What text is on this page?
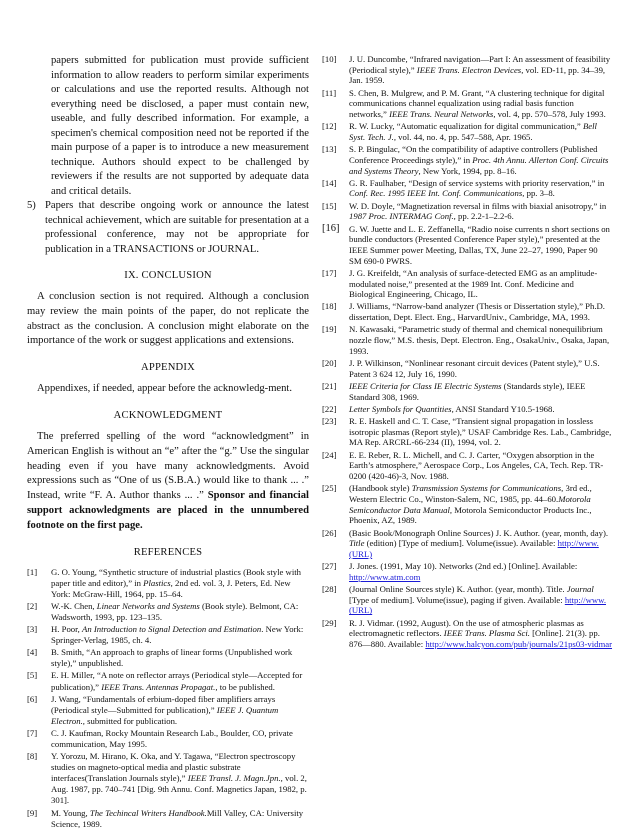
papers submitted for publication must provide sufficient information to allow readers to perform similar experiments or calculations and use the reported results. Although not everything need be disclosed, a paper must contain new, useable, and fully described information. For example, a specimen's chemical composition need not be reported if the main purpose of a paper is to introduce a new measurement technique. Authors should expect to be challenged by reviewers if the results are not supported by adequate data and critical details.
5) Papers that describe ongoing work or announce the latest technical achievement, which are suitable for presentation at a professional conference, may not be appropriate for publication in a TRANSACTIONS or JOURNAL.
IX. CONCLUSION

A conclusion section is not required. Although a conclusion may review the main points of the paper, do not replicate the abstract as the conclusion. A conclusion might elaborate on the importance of the work or suggest applications and extensions.

APPENDIX

Appendixes, if needed, appear before the acknowledg-ment.

ACKNOWLEDGMENT

The preferred spelling of the word “acknowledgment” in American English is without an “e” after the “g.” Use the singular heading even if you have many acknowledgments. Avoid expressions such as “One of us (S.B.A.) would like to thank ... .” Instead, write “F. A. Author thanks ... .” Sponsor and financial support acknowledgments are placed in the unnumbered footnote on the first page.

REFERENCES
[1]	G. O. Young, “Synthetic structure of industrial plastics (Book style with paper title and editor),” in Plastics, 2nd ed. vol. 3, J. Peters, Ed. New York: McGraw-Hill, 1964, pp. 15–64.
[2]	W.-K. Chen, Linear Networks and Systems (Book style). Belmont, CA: Wadsworth, 1993, pp. 123–135.
[3]	H. Poor, An Introduction to Signal Detection and Estimation. New York: Springer-Verlag, 1985, ch. 4.
[4]	B. Smith, “An approach to graphs of linear forms (Unpublished work style),” unpublished.
[5]	E. H. Miller, “A note on reflector arrays (Periodical style—Accepted for publication),” IEEE Trans. Antennas Propagat., to be published.
[6]	J. Wang, “Fundamentals of erbium-doped fiber amplifiers arrays (Periodical style—Submitted for publication),” IEEE J. Quantum Electron., submitted for publication.
[7]	C. J. Kaufman, Rocky Mountain Research Lab., Boulder, CO, private communication, May 1995.
[8]	Y. Yorozu, M. Hirano, K. Oka, and Y. Tagawa, “Electron spectroscopy studies on magneto-optical media and plastic substrate interfaces(Translation Journals style),” IEEE Transl. J. Magn.Jpn., vol. 2, Aug. 1987, pp. 740–741 [Dig. 9th Annu. Conf. Magnetics Japan, 1982, p. 301].
[9]	M. Young, The Techincal Writers Handbook.Mill Valley, CA: University Science, 1989.
[10]	J. U. Duncombe, “Infrared navigation—Part I: An assessment of feasibility (Periodical style),” IEEE Trans. Electron Devices, vol. ED-11, pp. 34–39, Jan. 1959.
[11]	S. Chen, B. Mulgrew, and P. M. Grant, “A clustering technique for digital communications channel equalization using radial basis function networks,” IEEE Trans. Neural Networks, vol. 4, pp. 570–578, July 1993.
[12]	R. W. Lucky, “Automatic equalization for digital communication,” Bell Syst. Tech. J., vol. 44, no. 4, pp. 547–588, Apr. 1965.
[13]	S. P. Bingulac, “On the compatibility of adaptive controllers (Published Conference Proceedings style),” in Proc. 4th Annu. Allerton Conf. Circuits and Systems Theory, New York, 1994, pp. 8–16.
[14]	G. R. Faulhaber, “Design of service systems with priority reservation,” in Conf. Rec. 1995 IEEE Int. Conf. Communications, pp. 3–8.
[15]	W. D. Doyle, “Magnetization reversal in films with biaxial anisotropy,” in 1987 Proc. INTERMAG Conf., pp. 2.2-1–2.2-6.
[16]	G. W. Juette and L. E. Zeffanella, “Radio noise currents n short sections on bundle conductors (Presented Conference Paper style),” presented at the IEEE Summer power Meeting, Dallas, TX, June 22–27, 1990, Paper 90 SM 690-0 PWRS.
[17]	J. G. Kreifeldt, “An analysis of surface-detected EMG as an amplitude-modulated noise,” presented at the 1989 Int. Conf. Medicine and Biological Engineering, Chicago, IL.
[18]	J. Williams, “Narrow-band analyzer (Thesis or Dissertation style),” Ph.D. dissertation, Dept. Elect. Eng., HarvardUniv., Cambridge, MA, 1993.
[19]	N. Kawasaki, “Parametric study of thermal and chemical nonequilibrium nozzle flow,” M.S. thesis, Dept. Electron. Eng., OsakaUniv., Osaka, Japan, 1993.
[20]	J. P. Wilkinson, “Nonlinear resonant circuit devices (Patent style),” U.S. Patent 3 624 12, July 16, 1990.
[21]	IEEE Criteria for Class IE Electric Systems (Standards style), IEEE Standard 308, 1969.
[22]	Letter Symbols for Quantities, ANSI Standard Y10.5-1968.
[23]	R. E. Haskell and C. T. Case, “Transient signal propagation in lossless isotropic plasmas (Report style),” USAF Cambridge Res. Lab., Cambridge, MA Rep. ARCRL-66-234 (II), 1994, vol. 2.
[24]	E. E. Reber, R. L. Michell, and C. J. Carter, “Oxygen absorption in the Earth’s atmosphere,” Aerospace Corp., Los Angeles, CA, Tech. Rep. TR-0200 (420-46)-3, Nov. 1988.
[25]	(Handbook style) Transmission Systems for Communications, 3rd ed., Western Electric Co., Winston-Salem, NC, 1985, pp. 44–60.Motorola Semiconductor Data Manual, Motorola Semiconductor Products Inc., Phoenix, AZ, 1989.
[26]	(Basic Book/Monograph Online Sources) J. K. Author. (year, month, day). Title (edition) [Type of medium]. Volume(issue). Available: http://www.(URL)
[27]	J. Jones. (1991, May 10). Networks (2nd ed.) [Online]. Available: http://www.atm.com
[28]	(Journal Online Sources style) K. Author. (year, month). Title. Journal [Type of medium]. Volume(issue), paging if given. Available: http://www.(URL)
[29]	R. J. Vidmar. (1992, August). On the use of atmospheric plasmas as electromagnetic reflectors. IEEE Trans. Plasma Sci. [Online]. 21(3). pp. 876—880. Available: http://www.halcyon.com/pub/journals/21ps03-vidmar
